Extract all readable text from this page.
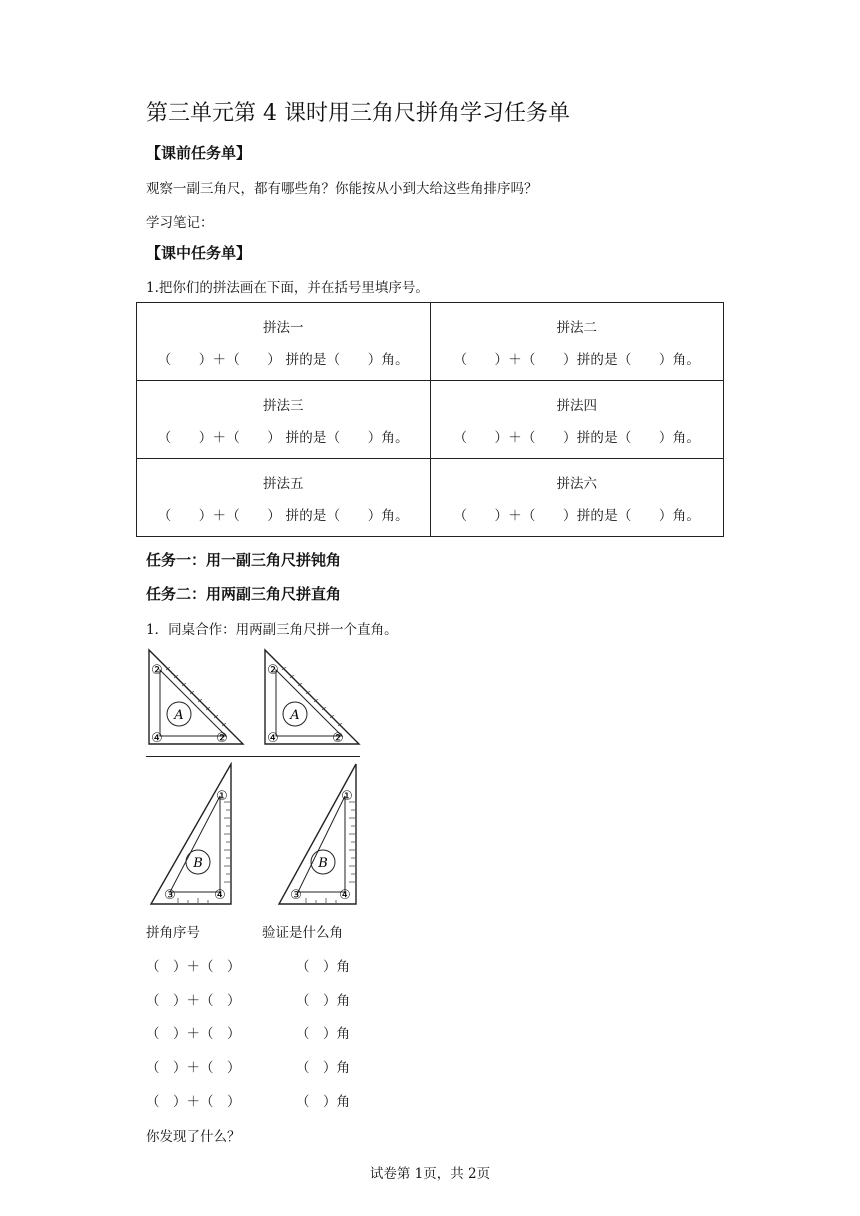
第三单元第 4 课时用三角尺拼角学习任务单
【课前任务单】
观察一副三角尺，都有哪些角？你能按从小到大给这些角排序吗？
学习笔记：
【课中任务单】
1.把你们的拼法画在下面，并在括号里填序号。
拼法一
（　　）＋（　　） 拼的是（　　）角。	拼法二
（　　）＋（　　）拼的是（　　）角。

拼法三
（　　）＋（　　） 拼的是（　　）角。	拼法四
（　　）＋（　　）拼的是（　　）角。

拼法五
（　　）＋（　　） 拼的是（　　）角。	拼法六
（　　）＋（　　）拼的是（　　）角。
任务一：用一副三角尺拼钝角
任务二：用两副三角尺拼直角
1．同桌合作：用两副三角尺拼一个直角。
A
②
④	②
A
②
④	②
B
①
③	④
B
①
③	④
拼角序号	验证是什么角
（　）＋（　）	（　）角
（　）＋（　）	（　）角
（　）＋（　）	（　）角
（　）＋（　）	（　）角
（　）＋（　）	（　）角
你发现了什么？
试卷第 1页，共 2页
